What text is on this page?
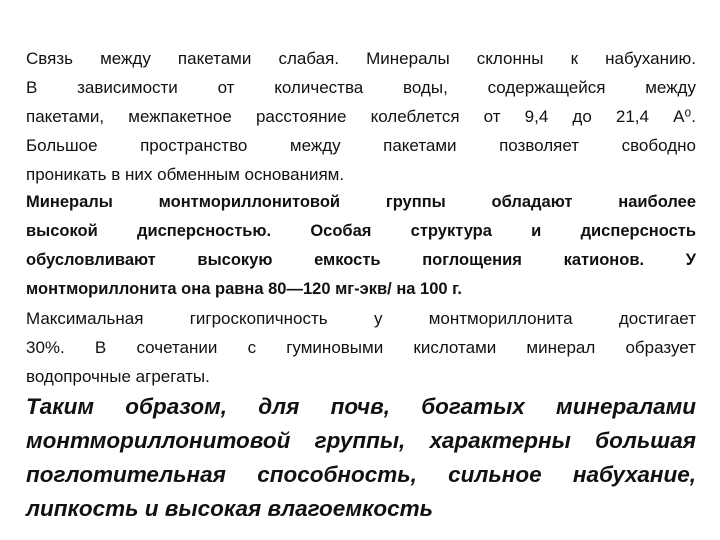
Связь между пакетами слабая. Минералы склонны к набуханию.
В зависимости от количества воды, содержащейся между
пакетами, межпакетное расстояние колеблется от 9,4 до 21,4 A⁰.
Большое	пространство	между	пакетами	позволяет	свободно
проникать в них обменным основаниям.
Минералы	монтмориллонитовой	группы	обладают	наиболее
высокой дисперсностью. Особая структура и дисперсность
обусловливают	высокую	емкость	поглощения	катионов.	У
монтмориллонита она равна 80—120 мг-экв/ на 100 г.
Максимальная	гигроскопичность	у	монтмориллонита	достигает
30%. В сочетании с гуминовыми кислотами минерал образует
водопрочные агрегаты.
Таким образом, для почв, богатых минералами
монтмориллонитовой группы, характерны большая
поглотительная способность, сильное набухание,
липкость и высокая влагоемкость
